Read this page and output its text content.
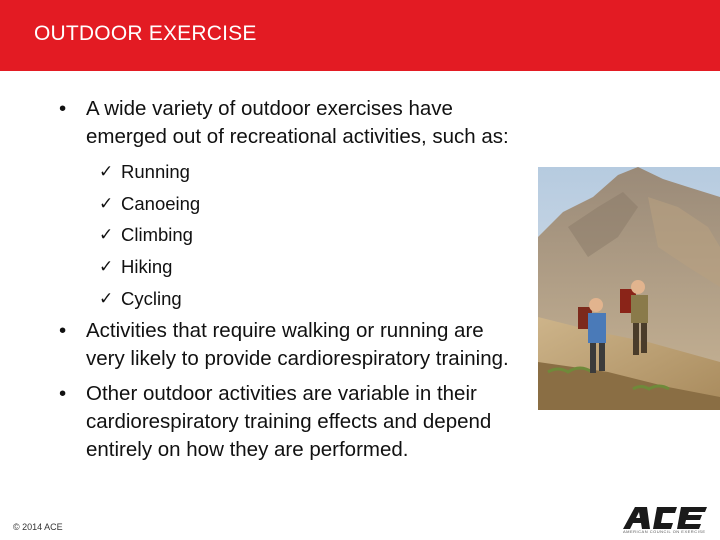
OUTDOOR EXERCISE
• A wide variety of outdoor exercises have
emerged out of recreational activities, such as:
✓ Running
✓ Canoeing
✓ Climbing
✓ Hiking
✓ Cycling
• Activities that require walking or running are
very likely to provide cardiorespiratory training.
• Other outdoor activities are variable in their
cardiorespiratory training effects and depend
entirely on how they are performed.
© 2014 ACE	AMERICAN COUNCIL ON EXERCISE
